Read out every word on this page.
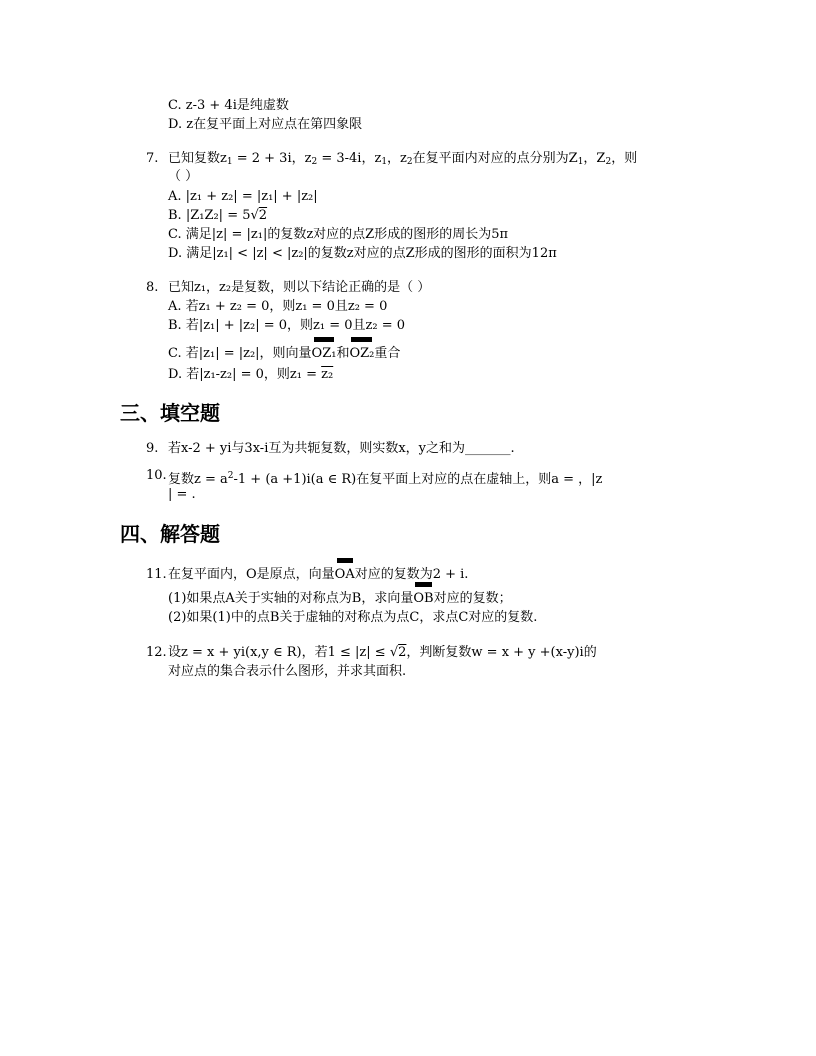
C. z-3 + 4i是纯虚数
D. z在复平面上对应点在第四象限
7. 已知复数$z_1 = 2 + 3i$，$z_2 = 3-4i$，$z_1$，$z_2$在复平面内对应的点分别为$Z_1$，$Z_2$，则
（ ）
A. |z₁ + z₂| = |z₁| + |z₂|
B. |Z₁Z₂| = 5√2
C. 满足|z| = |z₁|的复数z对应的点Z形成的图形的周长为5π
D. 满足|z₁| < |z| < |z₂|的复数z对应的点Z形成的图形的面积为12π
8. 已知z₁，z₂是复数，则以下结论正确的是（ ）
A. 若z₁ + z₂ = 0，则z₁ = 0且z₂ = 0
B. 若|z₁| + |z₂| = 0，则z₁ = 0且z₂ = 0
C. 若|z₁| = |z₂|，则向量OZ₁和OZ₂重合
D. 若|z₁-z₂| = 0，则z₁ = z₂
三、填空题
9. 若x-2 + yi与3x-i互为共轭复数，则实数x，y之和为_______.
10. 复数$z = a^2-1 + (a +1)i(a$ ∈ R)在复平面上对应的点在虚轴上，则a = ，|z
| = .
四、解答题
11. 在复平面内，O是原点，向量OA对应的复数为2 + i.
(1)如果点A关于实轴的对称点为B，求向量OB对应的复数；
(2)如果(1)中的点B关于虚轴的对称点为点C，求点C对应的复数.
12. 设z = x + yi(x,y ∈ R)，若1 ≤ |z| ≤ √2，判断复数w = x + y +(x-y)i的
对应点的集合表示什么图形，并求其面积.
